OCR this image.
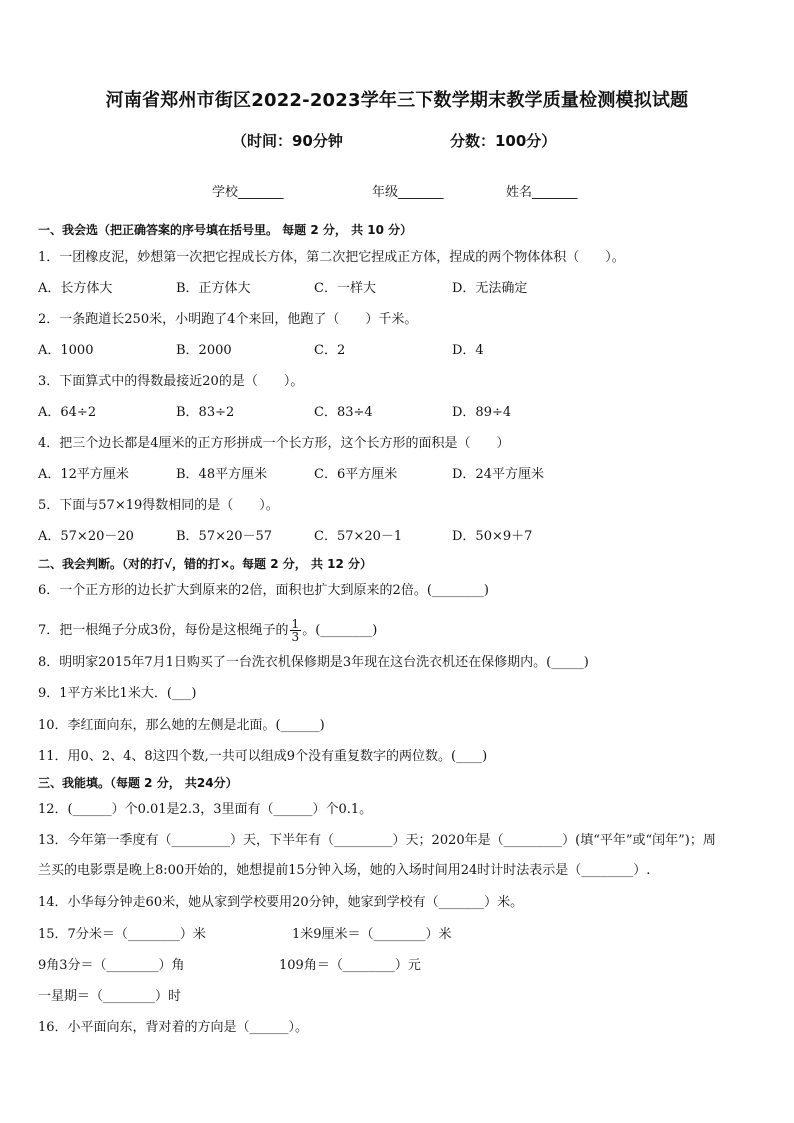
河南省郑州市街区2022-2023学年三下数学期末教学质量检测模拟试题
（时间：90分钟	分数：100分）
学校_______	年级_______	姓名_______
一、我会选（把正确答案的序号填在括号里。 每题 2 分， 共 10 分）
1．一团橡皮泥，妙想第一次把它捏成长方体，第二次把它捏成正方体，捏成的两个物体体积（　　）。
A．长方体大	B．正方体大	C．一样大	D．无法确定
2．一条跑道长250米，小明跑了4个来回，他跑了（　　）千米。
A．1000	B．2000	C．2	D．4
3．下面算式中的得数最接近20的是（　　）。
A．64÷2	B．83÷2	C．83÷4	D．89÷4
4．把三个边长都是4厘米的正方形拼成一个长方形，这个长方形的面积是（　　）
A．12平方厘米	B．48平方厘米	C．6平方厘米	D．24平方厘米
5．下面与57×19得数相同的是（　　）。
A．57×20－20	B．57×20－57	C．57×20－1	D．50×9＋7
二、我会判断。（对的打√，错的打×。每题 2 分， 共 12 分）
6．一个正方形的边长扩大到原来的2倍，面积也扩大到原来的2倍。(________)
7．把一根绳子分成3份，每份是这根绳子的 $\frac{1}{3}$ 。(________)
8．明明家2015年7月1日购买了一台洗衣机保修期是3年现在这台洗衣机还在保修期内。(_____)
9．1平方米比1米大．(___)
10．李红面向东，那么她的左侧是北面。(______)
11．用0、2、4、8这四个数,一共可以组成9个没有重复数字的两位数。(____)
三、我能填。（每题 2 分， 共24分）
12．(______）个0.01是2.3，3里面有（______）个0.1。
13．今年第一季度有（_________）天，下半年有（_________）天；2020年是（_________）(填“平年”或“闰年”)；周
兰买的电影票是晚上8:00开始的，她想提前15分钟入场，她的入场时间用24时计时法表示是（________）.
14．小华每分钟走60米，她从家到学校要用20分钟，她家到学校有（_______）米。
15．7分米＝（________）米	1米9厘米＝（________）米
9角3分＝（________）角	109角＝（________）元
一星期＝（________）时
16．小平面向东，背对着的方向是（______）。
